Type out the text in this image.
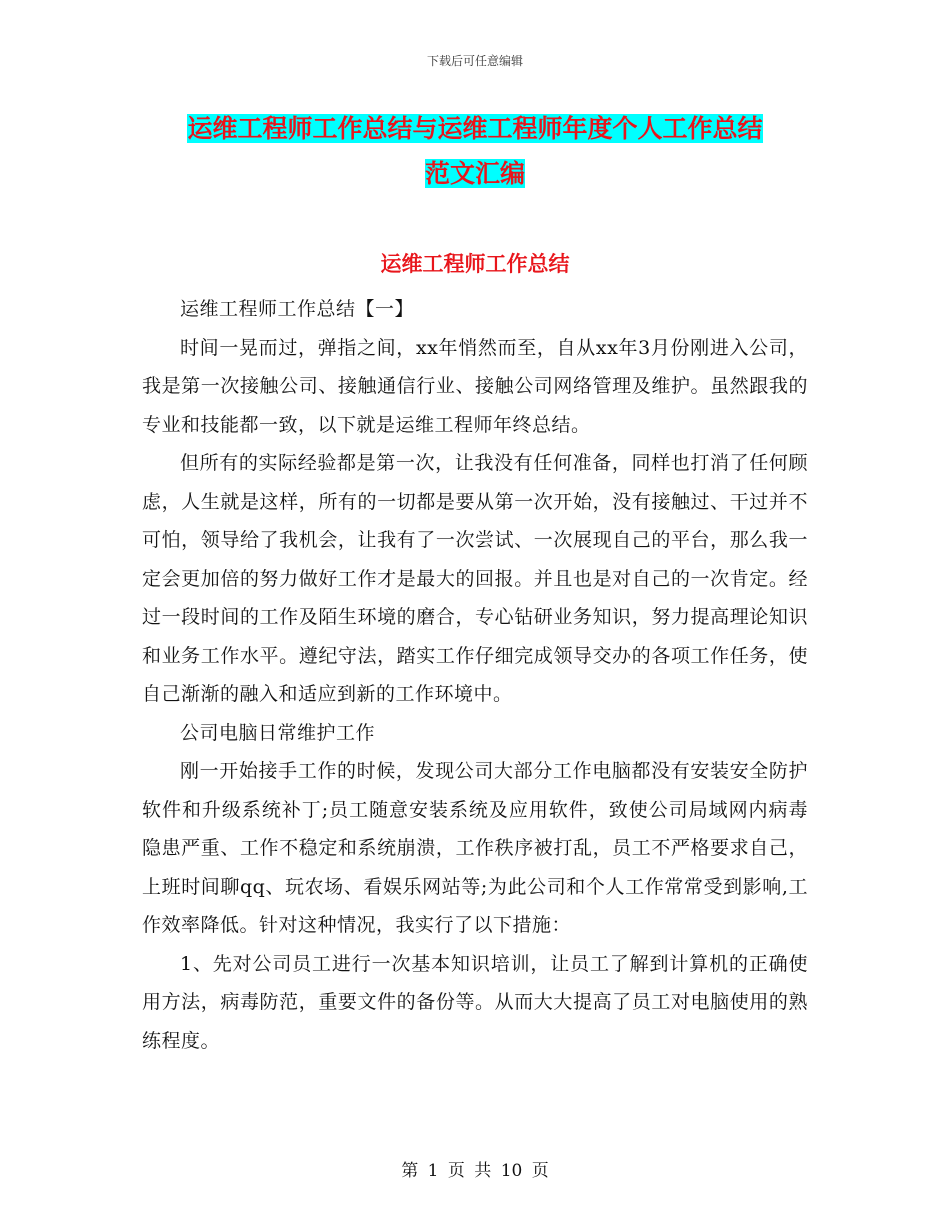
下载后可任意编辑
运维工程师工作总结与运维工程师年度个人工作总结
范文汇编
运维工程师工作总结

运维工程师工作总结【一】

时间一晃而过，弹指之间，xx年悄然而至，自从xx年3月份刚进入公司，我是第一次接触公司、接触通信行业、接触公司网络管理及维护。虽然跟我的专业和技能都一致，以下就是运维工程师年终总结。

但所有的实际经验都是第一次，让我没有任何准备，同样也打消了任何顾虑，人生就是这样，所有的一切都是要从第一次开始，没有接触过、干过并不可怕，领导给了我机会，让我有了一次尝试、一次展现自己的平台，那么我一定会更加倍的努力做好工作才是最大的回报。并且也是对自己的一次肯定。经过一段时间的工作及陌生环境的磨合，专心钻研业务知识，努力提高理论知识和业务工作水平。遵纪守法，踏实工作仔细完成领导交办的各项工作任务，使自己渐渐的融入和适应到新的工作环境中。

公司电脑日常维护工作

刚一开始接手工作的时候，发现公司大部分工作电脑都没有安装安全防护软件和升级系统补丁;员工随意安装系统及应用软件，致使公司局域网内病毒隐患严重、工作不稳定和系统崩溃，工作秩序被打乱，员工不严格要求自己，上班时间聊qq、玩农场、看娱乐网站等;为此公司和个人工作常常受到影响,工作效率降低。针对这种情况，我实行了以下措施：

1、先对公司员工进行一次基本知识培训，让员工了解到计算机的正确使用方法，病毒防范，重要文件的备份等。从而大大提高了员工对电脑使用的熟练程度。

第 1 页 共 10 页
